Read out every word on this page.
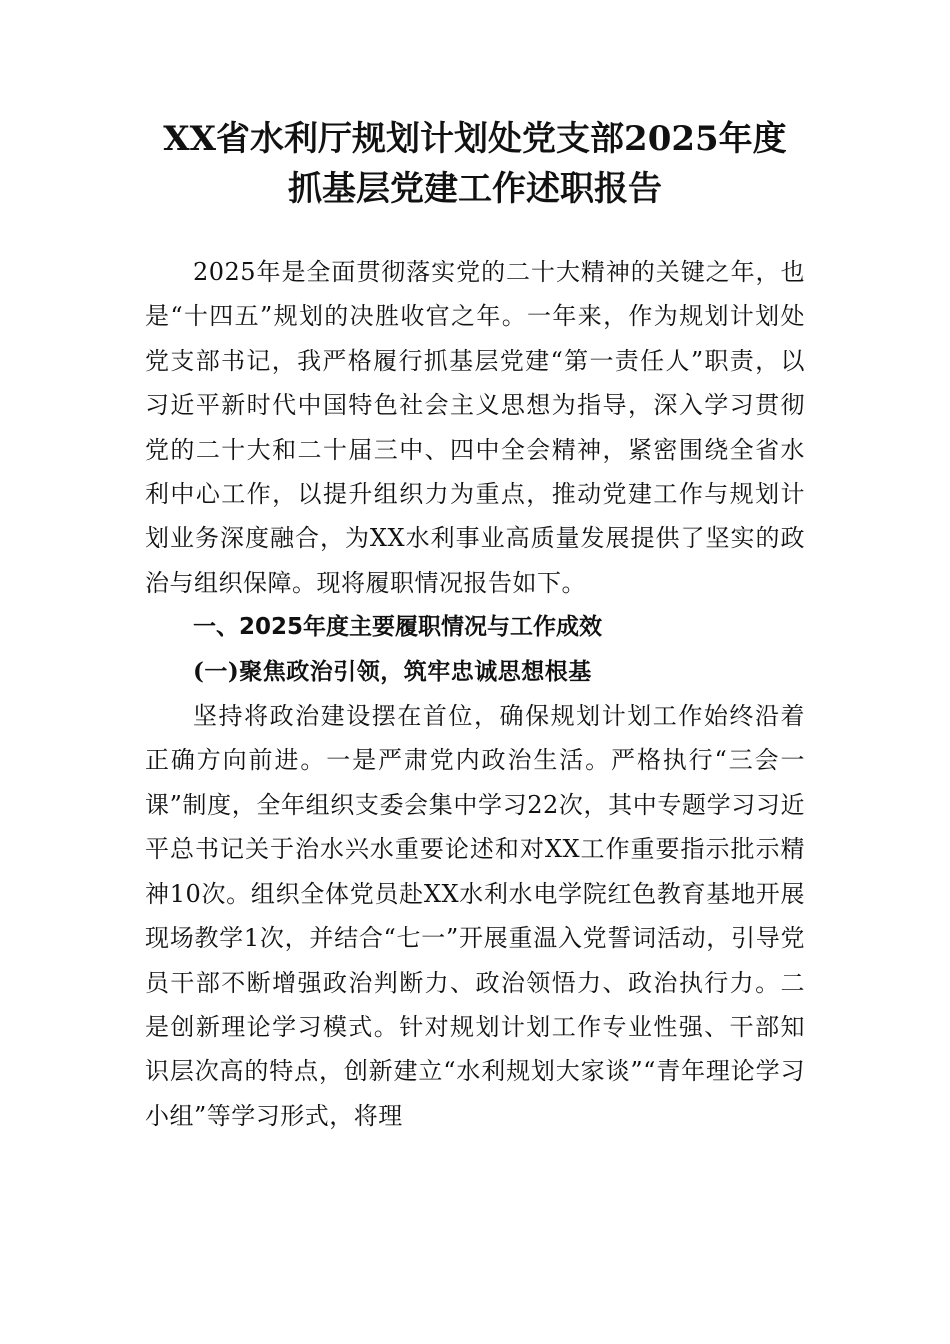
XX省水利厅规划计划处党支部2025年度
抓基层党建工作述职报告

2025年是全面贯彻落实党的二十大精神的关键之年，也是“十四五”规划的决胜收官之年。一年来，作为规划计划处党支部书记，我严格履行抓基层党建“第一责任人”职责，以习近平新时代中国特色社会主义思想为指导，深入学习贯彻党的二十大和二十届三中、四中全会精神，紧密围绕全省水利中心工作，以提升组织力为重点，推动党建工作与规划计划业务深度融合，为XX水利事业高质量发展提供了坚实的政治与组织保障。现将履职情况报告如下。

一、2025年度主要履职情况与工作成效

(一)聚焦政治引领，筑牢忠诚思想根基

坚持将政治建设摆在首位，确保规划计划工作始终沿着正确方向前进。一是严肃党内政治生活。严格执行“三会一课”制度，全年组织支委会集中学习22次，其中专题学习习近平总书记关于治水兴水重要论述和对XX工作重要指示批示精神10次。组织全体党员赴XX水利水电学院红色教育基地开展现场教学1次，并结合“七一”开展重温入党誓词活动，引导党员干部不断增强政治判断力、政治领悟力、政治执行力。二是创新理论学习模式。针对规划计划工作专业性强、干部知识层次高的特点，创新建立“水利规划大家谈”“青年理论学习小组”等学习形式，将理
